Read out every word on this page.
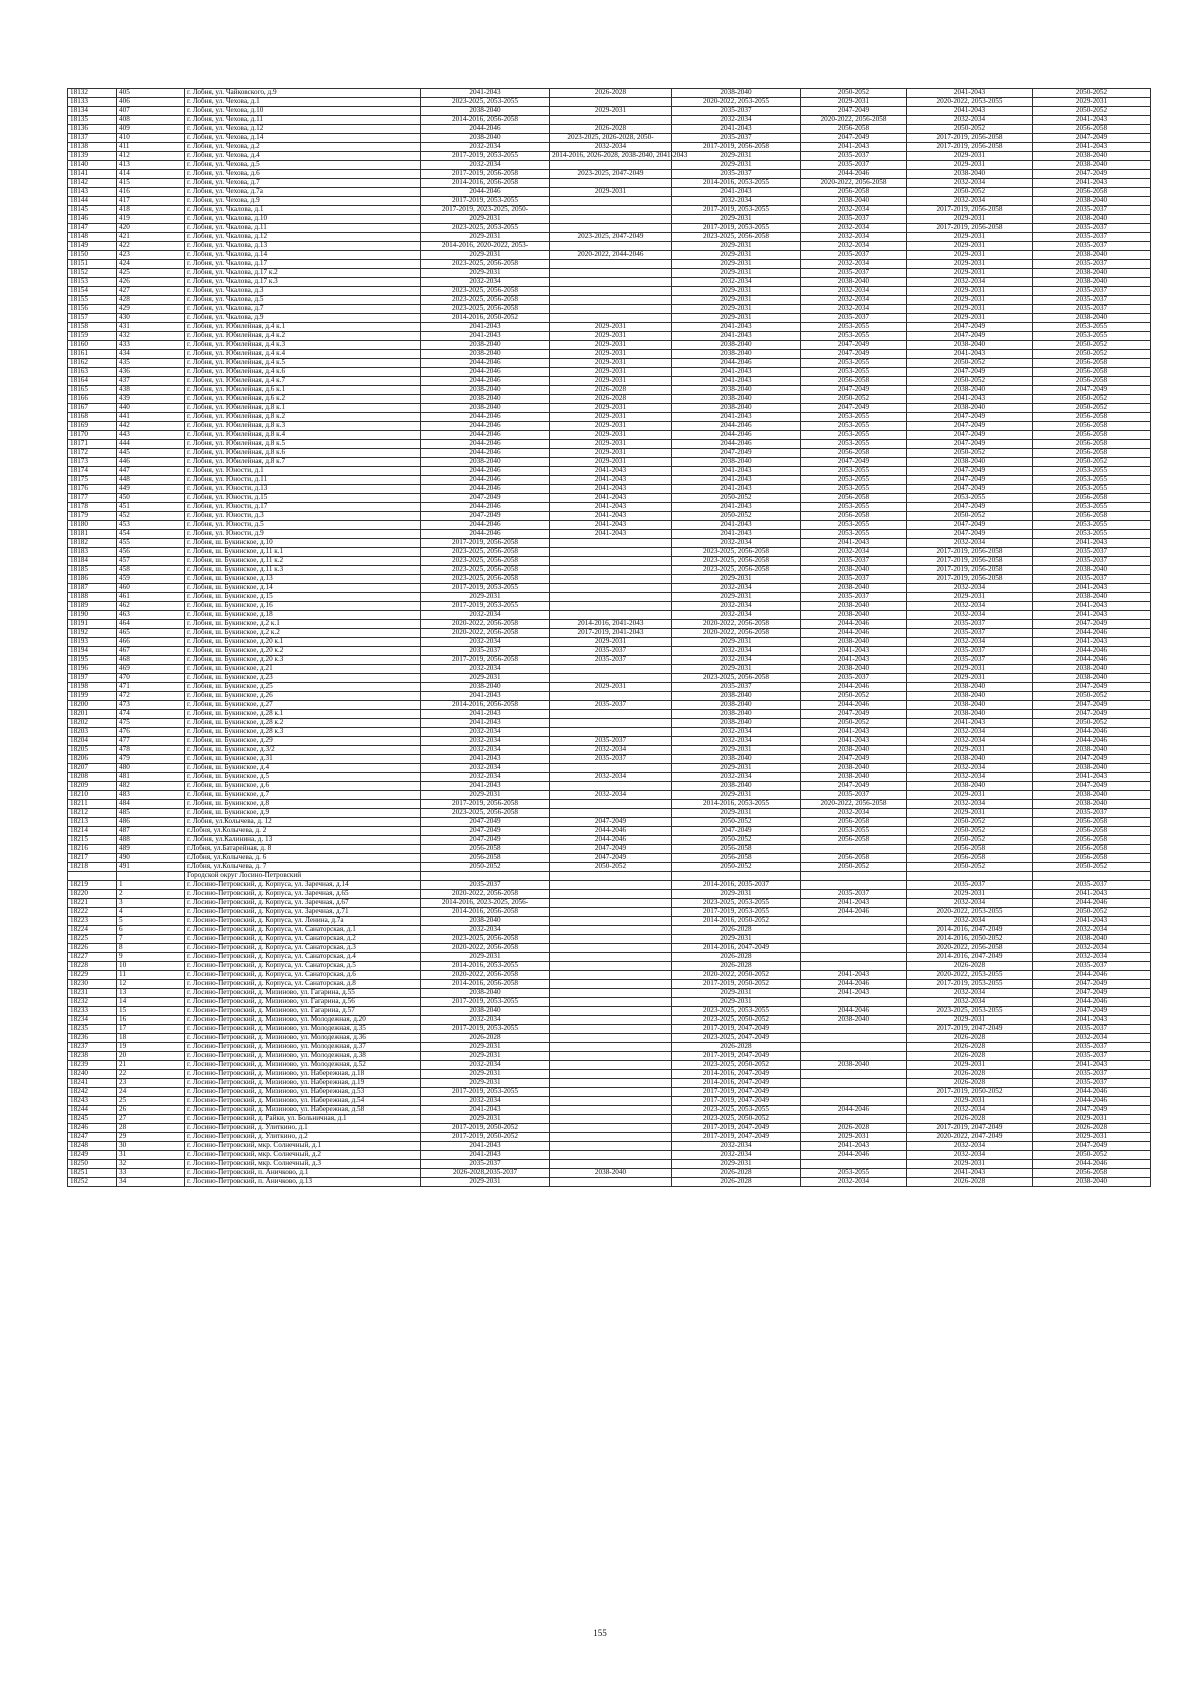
18132	405	г. Лобня, ул. Чайковского, д.9	2041-2043	2026-2028	2038-2040	2050-2052	2041-2043	2050-2052
18133	406	г. Лобня, ул. Чехова, д.1	2023-2025, 2053-2055		2020-2022, 2053-2055	2029-2031	2020-2022, 2053-2055	2029-2031
18134	407	г. Лобня, ул. Чехова, д.10	2038-2040	2029-2031	2035-2037	2047-2049	2041-2043	2050-2052
18135	408	г. Лобня, ул. Чехова, д.11	2014-2016, 2056-2058		2032-2034	2020-2022, 2056-2058	2032-2034	2041-2043
18136	409	г. Лобня, ул. Чехова, д.12	2044-2046	2026-2028	2041-2043	2056-2058	2050-2052	2056-2058
18137	410	г. Лобня, ул. Чехова, д.14	2038-2040	2023-2025, 2026-2028, 2050-	2035-2037	2047-2049	2017-2019, 2056-2058	2047-2049
18138	411	г. Лобня, ул. Чехова, д.2	2032-2034	2032-2034	2017-2019, 2056-2058	2041-2043	2017-2019, 2056-2058	2041-2043
18139	412	г. Лобня, ул. Чехова, д.4	2017-2019, 2053-2055	2014-2016, 2026-2028, 2038-2040, 2041-2043	2029-2031	2035-2037	2029-2031	2038-2040
18140	413	г. Лобня, ул. Чехова, д.5	2032-2034		2029-2031	2035-2037	2029-2031	2038-2040
18141	414	г. Лобня, ул. Чехова, д.6	2017-2019, 2056-2058	2023-2025, 2047-2049	2035-2037	2044-2046	2038-2040	2047-2049
18142	415	г. Лобня, ул. Чехова, д.7	2014-2016, 2056-2058		2014-2016, 2053-2055	2020-2022, 2056-2058	2032-2034	2041-2043
18143	416	г. Лобня, ул. Чехова, д.7а	2044-2046	2029-2031	2041-2043	2056-2058	2050-2052	2056-2058
18144	417	г. Лобня, ул. Чехова, д.9	2017-2019, 2053-2055		2032-2034	2038-2040	2032-2034	2038-2040
18145	418	г. Лобня, ул. Чкалова, д.1	2017-2019, 2023-2025, 2050-		2017-2019, 2053-2055	2032-2034	2017-2019, 2056-2058	2035-2037
18146	419	г. Лобня, ул. Чкалова, д.10	2029-2031		2029-2031	2035-2037	2029-2031	2038-2040
18147	420	г. Лобня, ул. Чкалова, д.11	2023-2025, 2053-2055		2017-2019, 2053-2055	2032-2034	2017-2019, 2056-2058	2035-2037
18148	421	г. Лобня, ул. Чкалова, д.12	2029-2031	2023-2025, 2047-2049	2023-2025, 2056-2058	2032-2034	2029-2031	2035-2037
18149	422	г. Лобня, ул. Чкалова, д.13	2014-2016, 2020-2022, 2053-		2029-2031	2032-2034	2029-2031	2035-2037
18150	423	г. Лобня, ул. Чкалова, д.14	2029-2031	2020-2022, 2044-2046	2029-2031	2035-2037	2029-2031	2038-2040
18151	424	г. Лобня, ул. Чкалова, д.17	2023-2025, 2056-2058		2029-2031	2032-2034	2029-2031	2035-2037
18152	425	г. Лобня, ул. Чкалова, д.17 к.2	2029-2031		2029-2031	2035-2037	2029-2031	2038-2040
18153	426	г. Лобня, ул. Чкалова, д.17 к.3	2032-2034		2032-2034	2038-2040	2032-2034	2038-2040
18154	427	г. Лобня, ул. Чкалова, д.3	2023-2025, 2056-2058		2029-2031	2032-2034	2029-2031	2035-2037
18155	428	г. Лобня, ул. Чкалова, д.5	2023-2025, 2056-2058		2029-2031	2032-2034	2029-2031	2035-2037
18156	429	г. Лобня, ул. Чкалова, д.7	2023-2025, 2056-2058		2029-2031	2032-2034	2029-2031	2035-2037
18157	430	г. Лобня, ул. Чкалова, д.9	2014-2016, 2050-2052		2029-2031	2035-2037	2029-2031	2038-2040
18158	431	г. Лобня, ул. Юбилейная, д.4 к.1	2041-2043	2029-2031	2041-2043	2053-2055	2047-2049	2053-2055
18159	432	г. Лобня, ул. Юбилейная, д.4 к.2	2041-2043	2029-2031	2041-2043	2053-2055	2047-2049	2053-2055
18160	433	г. Лобня, ул. Юбилейная, д.4 к.3	2038-2040	2029-2031	2038-2040	2047-2049	2038-2040	2050-2052
18161	434	г. Лобня, ул. Юбилейная, д.4 к.4	2038-2040	2029-2031	2038-2040	2047-2049	2041-2043	2050-2052
18162	435	г. Лобня, ул. Юбилейная, д.4 к.5	2044-2046	2029-2031	2044-2046	2053-2055	2050-2052	2056-2058
18163	436	г. Лобня, ул. Юбилейная, д.4 к.6	2044-2046	2029-2031	2041-2043	2053-2055	2047-2049	2056-2058
18164	437	г. Лобня, ул. Юбилейная, д.4 к.7	2044-2046	2029-2031	2041-2043	2056-2058	2050-2052	2056-2058
18165	438	г. Лобня, ул. Юбилейная, д.6 к.1	2038-2040	2026-2028	2038-2040	2047-2049	2038-2040	2047-2049
18166	439	г. Лобня, ул. Юбилейная, д.6 к.2	2038-2040	2026-2028	2038-2040	2050-2052	2041-2043	2050-2052
18167	440	г. Лобня, ул. Юбилейная, д.8 к.1	2038-2040	2029-2031	2038-2040	2047-2049	2038-2040	2050-2052
18168	441	г. Лобня, ул. Юбилейная, д.8 к.2	2044-2046	2029-2031	2041-2043	2053-2055	2047-2049	2056-2058
18169	442	г. Лобня, ул. Юбилейная, д.8 к.3	2044-2046	2029-2031	2044-2046	2053-2055	2047-2049	2056-2058
18170	443	г. Лобня, ул. Юбилейная, д.8 к.4	2044-2046	2029-2031	2044-2046	2053-2055	2047-2049	2056-2058
18171	444	г. Лобня, ул. Юбилейная, д.8 к.5	2044-2046	2029-2031	2044-2046	2053-2055	2047-2049	2056-2058
18172	445	г. Лобня, ул. Юбилейная, д.8 к.6	2044-2046	2029-2031	2047-2049	2056-2058	2050-2052	2056-2058
18173	446	г. Лобня, ул. Юбилейная, д.8 к.7	2038-2040	2029-2031	2038-2040	2047-2049	2038-2040	2050-2052
18174	447	г. Лобня, ул. Юности, д.1	2044-2046	2041-2043	2041-2043	2053-2055	2047-2049	2053-2055
18175	448	г. Лобня, ул. Юности, д.11	2044-2046	2041-2043	2041-2043	2053-2055	2047-2049	2053-2055
18176	449	г. Лобня, ул. Юности, д.13	2044-2046	2041-2043	2041-2043	2053-2055	2047-2049	2053-2055
18177	450	г. Лобня, ул. Юности, д.15	2047-2049	2041-2043	2050-2052	2056-2058	2053-2055	2056-2058
18178	451	г. Лобня, ул. Юности, д.17	2044-2046	2041-2043	2041-2043	2053-2055	2047-2049	2053-2055
18179	452	г. Лобня, ул. Юности, д.3	2047-2049	2041-2043	2050-2052	2056-2058	2050-2052	2056-2058
18180	453	г. Лобня, ул. Юности, д.5	2044-2046	2041-2043	2041-2043	2053-2055	2047-2049	2053-2055
18181	454	г. Лобня, ул. Юности, д.9	2044-2046	2041-2043	2041-2043	2053-2055	2047-2049	2053-2055
18182	455	г. Лобня, ш. Букинское, д.10	2017-2019, 2056-2058		2032-2034	2041-2043	2032-2034	2041-2043
18183	456	г. Лобня, ш. Букинское, д.11 к.1	2023-2025, 2056-2058		2023-2025, 2056-2058	2032-2034	2017-2019, 2056-2058	2035-2037
18184	457	г. Лобня, ш. Букинское, д.11 к.2	2023-2025, 2056-2058		2023-2025, 2056-2058	2035-2037	2017-2019, 2056-2058	2035-2037
18185	458	г. Лобня, ш. Букинское, д.11 к.3	2023-2025, 2056-2058		2023-2025, 2056-2058	2038-2040	2017-2019, 2056-2058	2038-2040
18186	459	г. Лобня, ш. Букинское, д.13	2023-2025, 2056-2058		2029-2031	2035-2037	2017-2019, 2056-2058	2035-2037
18187	460	г. Лобня, ш. Букинское, д.14	2017-2019, 2053-2055		2032-2034	2038-2040	2032-2034	2041-2043
18188	461	г. Лобня, ш. Букинское, д.15	2029-2031		2029-2031	2035-2037	2029-2031	2038-2040
18189	462	г. Лобня, ш. Букинское, д.16	2017-2019, 2053-2055		2032-2034	2038-2040	2032-2034	2041-2043
18190	463	г. Лобня, ш. Букинское, д.18	2032-2034		2032-2034	2038-2040	2032-2034	2041-2043
18191	464	г. Лобня, ш. Букинское, д.2 к.1	2020-2022, 2056-2058	2014-2016, 2041-2043	2020-2022, 2056-2058	2044-2046	2035-2037	2047-2049
18192	465	г. Лобня, ш. Букинское, д.2 к.2	2020-2022, 2056-2058	2017-2019, 2041-2043	2020-2022, 2056-2058	2044-2046	2035-2037	2044-2046
18193	466	г. Лобня, ш. Букинское, д.20 к.1	2032-2034	2029-2031	2029-2031	2038-2040	2032-2034	2041-2043
18194	467	г. Лобня, ш. Букинское, д.20 к.2	2035-2037	2035-2037	2032-2034	2041-2043	2035-2037	2044-2046
18195	468	г. Лобня, ш. Букинское, д.20 к.3	2017-2019, 2056-2058	2035-2037	2032-2034	2041-2043	2035-2037	2044-2046
18196	469	г. Лобня, ш. Букинское, д.21	2032-2034		2029-2031	2038-2040	2029-2031	2038-2040
18197	470	г. Лобня, ш. Букинское, д.23	2029-2031		2023-2025, 2056-2058	2035-2037	2029-2031	2038-2040
18198	471	г. Лобня, ш. Букинское, д.25	2038-2040	2029-2031	2035-2037	2044-2046	2038-2040	2047-2049
18199	472	г. Лобня, ш. Букинское, д.26	2041-2043		2038-2040	2050-2052	2038-2040	2050-2052
18200	473	г. Лобня, ш. Букинское, д.27	2014-2016, 2056-2058	2035-2037	2038-2040	2044-2046	2038-2040	2047-2049
18201	474	г. Лобня, ш. Букинское, д.28 к.1	2041-2043		2038-2040	2047-2049	2038-2040	2047-2049
18202	475	г. Лобня, ш. Букинское, д.28 к.2	2041-2043		2038-2040	2050-2052	2041-2043	2050-2052
18203	476	г. Лобня, ш. Букинское, д.28 к.3	2032-2034		2032-2034	2041-2043	2032-2034	2044-2046
18204	477	г. Лобня, ш. Букинское, д.29	2032-2034	2035-2037	2032-2034	2041-2043	2032-2034	2044-2046
18205	478	г. Лобня, ш. Букинское, д.3/2	2032-2034	2032-2034	2029-2031	2038-2040	2029-2031	2038-2040
18206	479	г. Лобня, ш. Букинское, д.31	2041-2043	2035-2037	2038-2040	2047-2049	2038-2040	2047-2049
18207	480	г. Лобня, ш. Букинское, д.4	2032-2034		2029-2031	2038-2040	2032-2034	2038-2040
18208	481	г. Лобня, ш. Букинское, д.5	2032-2034	2032-2034	2032-2034	2038-2040	2032-2034	2041-2043
18209	482	г. Лобня, ш. Букинское, д.6	2041-2043		2038-2040	2047-2049	2038-2040	2047-2049
18210	483	г. Лобня, ш. Букинское, д.7	2029-2031	2032-2034	2029-2031	2035-2037	2029-2031	2038-2040
18211	484	г. Лобня, ш. Букинское, д.8	2017-2019, 2056-2058		2014-2016, 2053-2055	2020-2022, 2056-2058	2032-2034	2038-2040
18212	485	г. Лобня, ш. Букинское, д.9	2023-2025, 2056-2058		2029-2031	2032-2034	2029-2031	2035-2037
18213	486	г. Лобня, ул.Колычева, д. 12	2047-2049	2047-2049	2050-2052	2056-2058	2050-2052	2056-2058
18214	487	г.Лобня, ул.Колычева, д. 2	2047-2049	2044-2046	2047-2049	2053-2055	2050-2052	2056-2058
18215	488	г. Лобня, ул.Калинина, д. 13	2047-2049	2044-2046	2050-2052	2056-2058	2050-2052	2056-2058
18216	489	г.Лобня, ул.Батарейная, д. 8	2056-2058	2047-2049	2056-2058		2056-2058	2056-2058
18217	490	г.Лобня, ул.Колычева, д. 6	2056-2058	2047-2049	2056-2058	2056-2058	2056-2058	2056-2058
18218	491	г.Лобня, ул.Колычева, д. 7	2050-2052	2050-2052	2050-2052	2050-2052	2050-2052	2050-2052
		Городской округ Лосино-Петровский						
18219	1	г. Лосино-Петровский, д. Корпуса, ул. Заречная, д.14	2035-2037		2014-2016, 2035-2037		2035-2037	2035-2037
18220	2	г. Лосино-Петровский, д. Корпуса, ул. Заречная, д.65	2020-2022, 2056-2058		2029-2031	2035-2037	2029-2031	2041-2043
18221	3	г. Лосино-Петровский, д. Корпуса, ул. Заречная, д.67	2014-2016, 2023-2025, 2056-		2023-2025, 2053-2055	2041-2043	2032-2034	2044-2046
18222	4	г. Лосино-Петровский, д. Корпуса, ул. Заречная, д.71	2014-2016, 2056-2058		2017-2019, 2053-2055	2044-2046	2020-2022, 2053-2055	2050-2052
18223	5	г. Лосино-Петровский, д. Корпуса, ул. Ленина, д.7а	2038-2040		2014-2016, 2050-2052		2032-2034	2041-2043
18224	6	г. Лосино-Петровский, д. Корпуса, ул. Санаторская, д.1	2032-2034		2026-2028		2014-2016, 2047-2049	2032-2034
18225	7	г. Лосино-Петровский, д. Корпуса, ул. Санаторская, д.2	2023-2025, 2056-2058		2029-2031		2014-2016, 2050-2052	2038-2040
18226	8	г. Лосино-Петровский, д. Корпуса, ул. Санаторская, д.3	2020-2022, 2056-2058		2014-2016, 2047-2049		2020-2022, 2056-2058	2032-2034
18227	9	г. Лосино-Петровский, д. Корпуса, ул. Санаторская, д.4	2029-2031		2026-2028		2014-2016, 2047-2049	2032-2034
18228	10	г. Лосино-Петровский, д. Корпуса, ул. Санаторская, д.5	2014-2016, 2053-2055		2026-2028		2026-2028	2035-2037
18229	11	г. Лосино-Петровский, д. Корпуса, ул. Санаторская, д.6	2020-2022, 2056-2058		2020-2022, 2050-2052	2041-2043	2020-2022, 2053-2055	2044-2046
18230	12	г. Лосино-Петровский, д. Корпуса, ул. Санаторская, д.8	2014-2016, 2056-2058		2017-2019, 2050-2052	2044-2046	2017-2019, 2053-2055	2047-2049
18231	13	г. Лосино-Петровский, д. Мизиново, ул. Гагарина, д.55	2038-2040		2029-2031	2041-2043	2032-2034	2047-2049
18232	14	г. Лосино-Петровский, д. Мизиново, ул. Гагарина, д.56	2017-2019, 2053-2055		2029-2031		2032-2034	2044-2046
18233	15	г. Лосино-Петровский, д. Мизиново, ул. Гагарина, д.57	2038-2040		2023-2025, 2053-2055	2044-2046	2023-2025, 2053-2055	2047-2049
18234	16	г. Лосино-Петровский, д. Мизиново, ул. Молодежная, д.20	2032-2034		2023-2025, 2050-2052	2038-2040	2029-2031	2041-2043
18235	17	г. Лосино-Петровский, д. Мизиново, ул. Молодежная, д.35	2017-2019, 2053-2055		2017-2019, 2047-2049		2017-2019, 2047-2049	2035-2037
18236	18	г. Лосино-Петровский, д. Мизиново, ул. Молодежная, д.36	2026-2028		2023-2025, 2047-2049		2026-2028	2032-2034
18237	19	г. Лосино-Петровский, д. Мизиново, ул. Молодежная, д.37	2029-2031		2026-2028		2026-2028	2035-2037
18238	20	г. Лосино-Петровский, д. Мизиново, ул. Молодежная, д.38	2029-2031		2017-2019, 2047-2049		2026-2028	2035-2037
18239	21	г. Лосино-Петровский, д. Мизиново, ул. Молодежная, д.52	2032-2034		2023-2025, 2050-2052	2038-2040	2029-2031	2041-2043
18240	22	г. Лосино-Петровский, д. Мизиново, ул. Набережная, д.18	2029-2031		2014-2016, 2047-2049		2026-2028	2035-2037
18241	23	г. Лосино-Петровский, д. Мизиново, ул. Набережная, д.19	2029-2031		2014-2016, 2047-2049		2026-2028	2035-2037
18242	24	г. Лосино-Петровский, д. Мизиново, ул. Набережная, д.53	2017-2019, 2053-2055		2017-2019, 2047-2049		2017-2019, 2050-2052	2044-2046
18243	25	г. Лосино-Петровский, д. Мизиново, ул. Набережная, д.54	2032-2034		2017-2019, 2047-2049		2029-2031	2044-2046
18244	26	г. Лосино-Петровский, д. Мизиново, ул. Набережная, д.58	2041-2043		2023-2025, 2053-2055	2044-2046	2032-2034	2047-2049
18245	27	г. Лосино-Петровский, д. Райки, ул. Больничная, д.1	2029-2031		2023-2025, 2050-2052		2026-2028	2029-2031
18246	28	г. Лосино-Петровский, д. Улиткино, д.1	2017-2019, 2050-2052		2017-2019, 2047-2049	2026-2028	2017-2019, 2047-2049	2026-2028
18247	29	г. Лосино-Петровский, д. Улиткино, д.2	2017-2019, 2050-2052		2017-2019, 2047-2049	2029-2031	2020-2022, 2047-2049	2029-2031
18248	30	г. Лосино-Петровский, мкр. Солнечный, д.1	2041-2043		2032-2034	2041-2043	2032-2034	2047-2049
18249	31	г. Лосино-Петровский, мкр. Солнечный, д.2	2041-2043		2032-2034	2044-2046	2032-2034	2050-2052
18250	32	г. Лосино-Петровский, мкр. Солнечный, д.3	2035-2037		2029-2031		2029-2031	2044-2046
18251	33	г. Лосино-Петровский, п. Аничково, д.1	2026-2028,2035-2037	2038-2040	2026-2028	2053-2055	2041-2043	2056-2058
18252	34	г. Лосино-Петровский, п. Аничково, д.13	2029-2031		2026-2028	2032-2034	2026-2028	2038-2040
155
